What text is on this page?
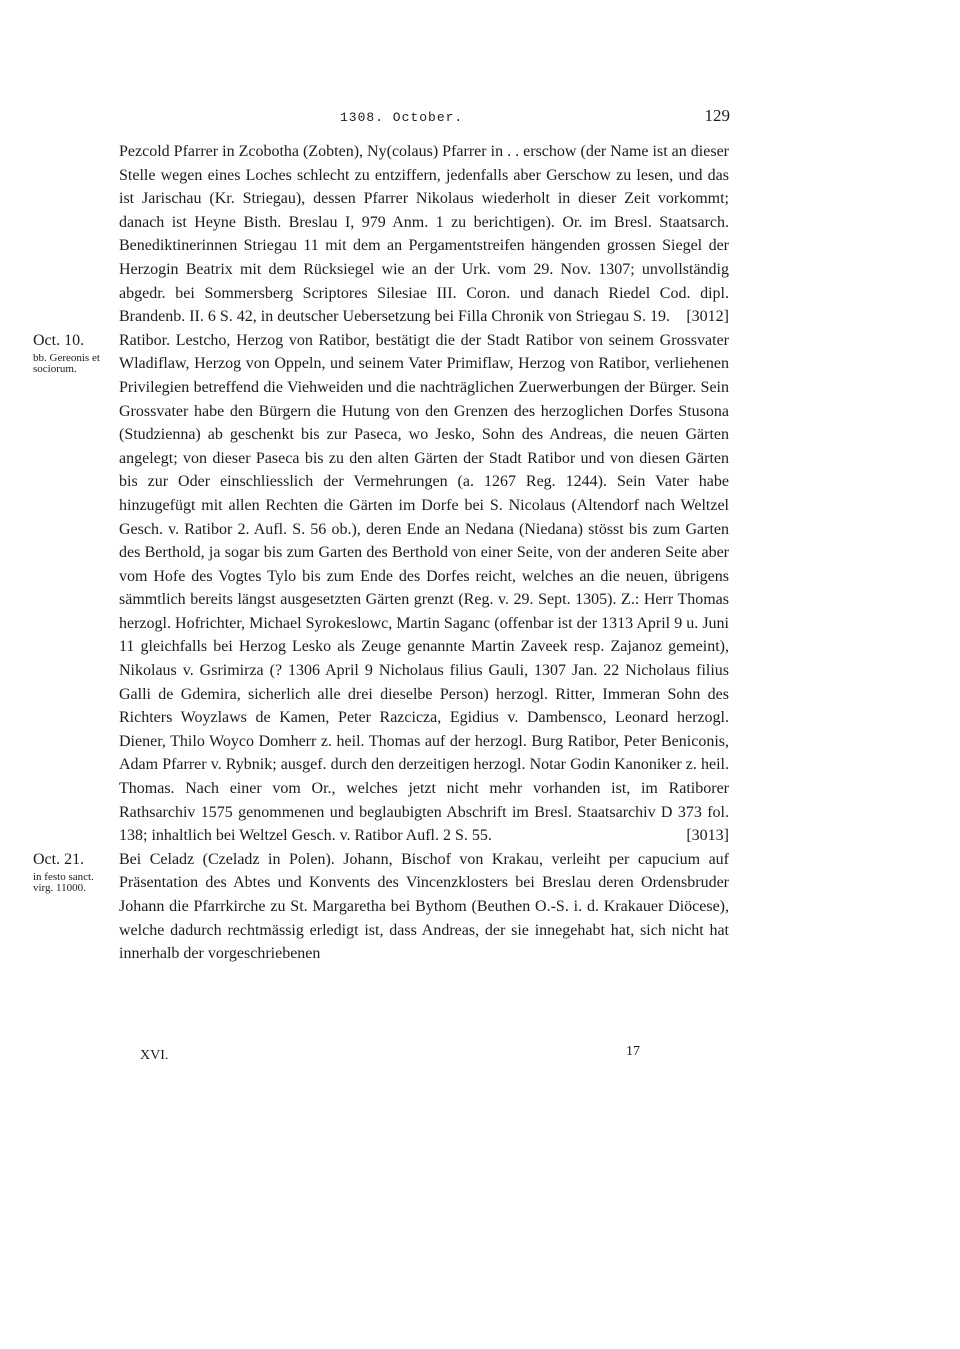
1308. October.	129

Pezcold Pfarrer in Zcobotha (Zobten), Ny(colaus) Pfarrer in . . erschow (der Name ist an dieser Stelle wegen eines Loches schlecht zu entziffern, jedenfalls aber Gerschow zu lesen, und das ist Jarischau (Kr. Striegau), dessen Pfarrer Nikolaus wiederholt in dieser Zeit vorkommt; danach ist Heyne Bisth. Breslau I, 979 Anm. 1 zu berichtigen). Or. im Bresl. Staatsarch. Benediktinerinnen Striegau 11 mit dem an Pergamentstreifen hängenden grossen Siegel der Herzogin Beatrix mit dem Rücksiegel wie an der Urk. vom 29. Nov. 1307; unvollständig abgedr. bei Sommersberg Scriptores Silesiae III. Coron. und danach Riedel Cod. dipl. Brandenb. II. 6 S. 42, in deutscher Uebersetzung bei Filla Chronik von Striegau S. 19. [3012]

Oct. 10.
bb. Gereonis et sociorum.

Ratibor. Lestcho, Herzog von Ratibor, bestätigt die der Stadt Ratibor von seinem Grossvater Wladiflaw, Herzog von Oppeln, und seinem Vater Primiflaw, Herzog von Ratibor, verliehenen Privilegien betreffend die Viehweiden und die nachträglichen Zuerwerbungen der Bürger. Sein Grossvater habe den Bürgern die Hutung von den Grenzen des herzoglichen Dorfes Stusona (Studzienna) ab geschenkt bis zur Paseca, wo Jesko, Sohn des Andreas, die neuen Gärten angelegt; von dieser Paseca bis zu den alten Gärten der Stadt Ratibor und von diesen Gärten bis zur Oder einschliesslich der Vermehrungen (a. 1267 Reg. 1244). Sein Vater habe hinzugefügt mit allen Rechten die Gärten im Dorfe bei S. Nicolaus (Altendorf nach Weltzel Gesch. v. Ratibor 2. Aufl. S. 56 ob.), deren Ende an Nedana (Niedana) stösst bis zum Garten des Berthold, ja sogar bis zum Garten des Berthold von einer Seite, von der anderen Seite aber vom Hofe des Vogtes Tylo bis zum Ende des Dorfes reicht, welches an die neuen, übrigens sämmtlich bereits längst ausgesetzten Gärten grenzt (Reg. v. 29. Sept. 1305). Z.: Herr Thomas herzogl. Hofrichter, Michael Syrokeslowc, Martin Saganc (offenbar ist der 1313 April 9 u. Juni 11 gleichfalls bei Herzog Lesko als Zeuge genannte Martin Zaveek resp. Zajanoz gemeint), Nikolaus v. Gsrimirza (? 1306 April 9 Nicholaus filius Gauli, 1307 Jan. 22 Nicholaus filius Galli de Gdemira, sicherlich alle drei dieselbe Person) herzogl. Ritter, Immeran Sohn des Richters Woyzlaws de Kamen, Peter Razcicza, Egidius v. Dambensco, Leonard herzogl. Diener, Thilo Woyco Domherr z. heil. Thomas auf der herzogl. Burg Ratibor, Peter Beniconis, Adam Pfarrer v. Rybnik; ausgef. durch den derzeitigen herzogl. Notar Godin Kanoniker z. heil. Thomas. Nach einer vom Or., welches jetzt nicht mehr vorhanden ist, im Ratiborer Rathsarchiv 1575 genommenen und beglaubigten Abschrift im Bresl. Staatsarchiv D 373 fol. 138; inhaltlich bei Weltzel Gesch. v. Ratibor Aufl. 2 S. 55.	[3013]

Oct. 21.
in festo sanct. virg. 11000.

Bei Celadz (Czeladz in Polen). Johann, Bischof von Krakau, verleiht per capucium auf Präsentation des Abtes und Konvents des Vincenzklosters bei Breslau deren Ordensbruder Johann die Pfarrkirche zu St. Margaretha bei Bythom (Beuthen O.-S. i. d. Krakauer Diöcese), welche dadurch rechtmässig erledigt ist, dass Andreas, der sie innegehabt hat, sich nicht hat innerhalb der vorgeschriebenen

XVI.	17
